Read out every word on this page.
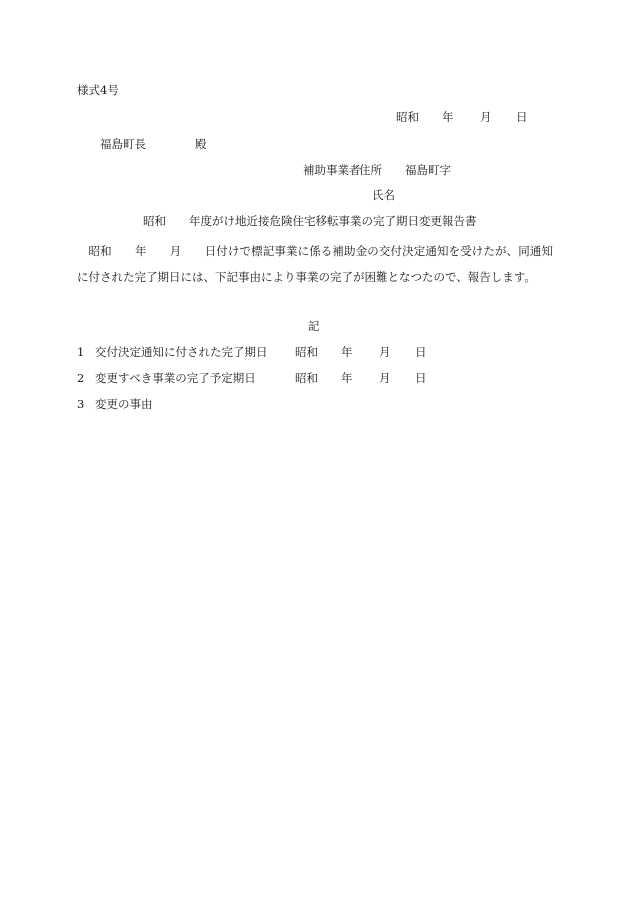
様式4号
昭和 年 月 日
福島町長	殿
補助事業者住所 福島町字
氏名
昭和 年度がけ地近接危険住宅移転事業の完了期日変更報告書
昭和　　年　　月　　日付けで標記事業に係る補助金の交付決定通知を受けたが、同通知に付された完了期日には、下記事由により事業の完了が困難となつたので、報告します。
記
1 交付決定通知に付された完了期日 昭和 年 月 日
2 変更すべき事業の完了予定期日	昭和 年 月 日
3 変更の事由
